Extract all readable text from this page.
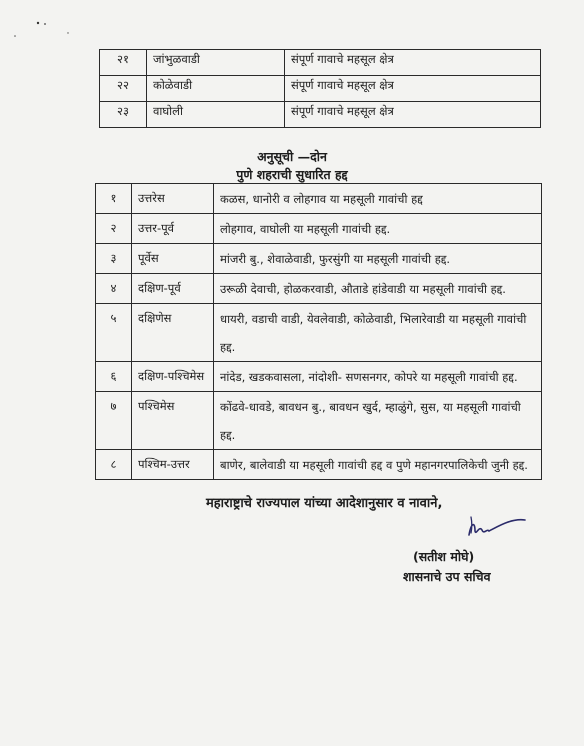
२१	जांभुळवाडी	संपूर्ण गावाचे महसूल क्षेत्र
२२	कोळेवाडी	संपूर्ण गावाचे महसूल क्षेत्र
२३	वाघोली	संपूर्ण गावाचे महसूल क्षेत्र
अनुसूची —दोन
पुणे शहराची सुधारित हद्द
१	उत्तरेस	कळस, धानोरी व लोहगाव या महसूली गावांची हद्द
२	उत्तर-पूर्व	लोहगाव, वाघोली या महसूली गावांची हद्द.
३	पूर्वेस	मांजरी बु., शेवाळेवाडी, फुरसुंगी या महसूली गावांची हद्द.
४	दक्षिण-पूर्व	उरूळी देवाची, होळकरवाडी, औताडे हांडेवाडी या महसूली गावांची हद्द.
५	दक्षिणेस	धायरी, वडाची वाडी, येवलेवाडी, कोळेवाडी, भिलारेवाडी या महसूली गावांची हद्द.
६	दक्षिण-पश्चिमेस	नांदेड, खडकवासला, नांदोशी- सणसनगर, कोपरे या महसूली गावांची हद्द.
७	पश्चिमेस	कोंढवे-धावडे, बावधन बु., बावधन खुर्द, म्हाळुंगे, सुस, या महसूली गावांची हद्द.
८	पश्चिम-उत्तर	बाणेर, बालेवाडी या महसूली गावांची हद्द व पुणे महानगरपालिकेची जुनी हद्द.
महाराष्ट्राचे राज्यपाल यांच्या आदेशानुसार व नावाने,
(सतीश मोघे)
शासनाचे उप सचिव
